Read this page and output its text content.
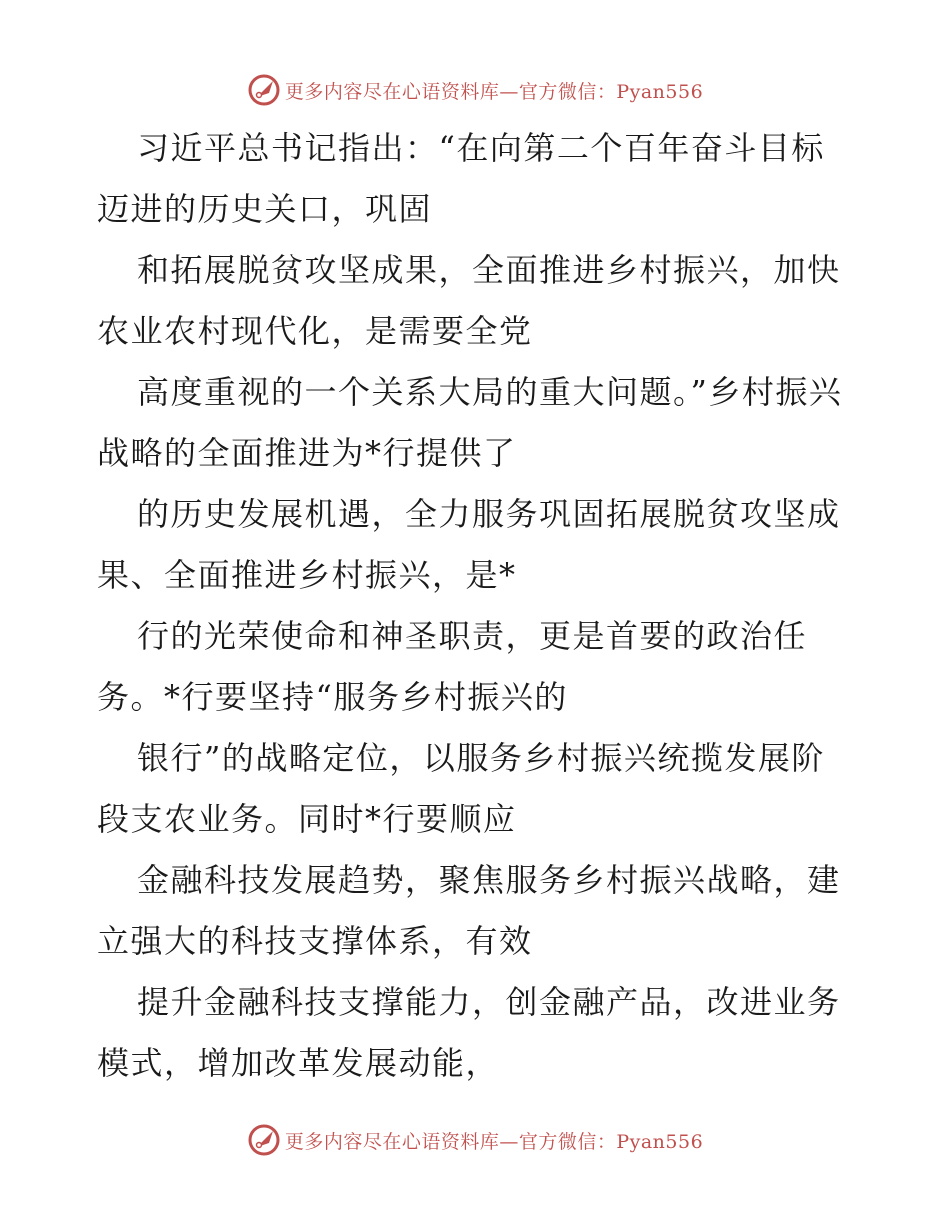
更多内容尽在心语资料库—官方微信：Pyan556

习近平总书记指出：“在向第二个百年奋斗目标迈进的历史关口，巩固

和拓展脱贫攻坚成果，全面推进乡村振兴，加快农业农村现代化，是需要全党

高度重视的一个关系大局的重大问题。”乡村振兴战略的全面推进为*行提供了

的历史发展机遇，全力服务巩固拓展脱贫攻坚成果、全面推进乡村振兴，是*

行的光荣使命和神圣职责，更是首要的政治任务。*行要坚持“服务乡村振兴的

银行”的战略定位，以服务乡村振兴统揽发展阶段支农业务。同时*行要顺应

金融科技发展趋势，聚焦服务乡村振兴战略，建立强大的科技支撑体系，有效

提升金融科技支撑能力，创金融产品，改进业务模式，增加改革发展动能，

更多内容尽在心语资料库—官方微信：Pyan556
